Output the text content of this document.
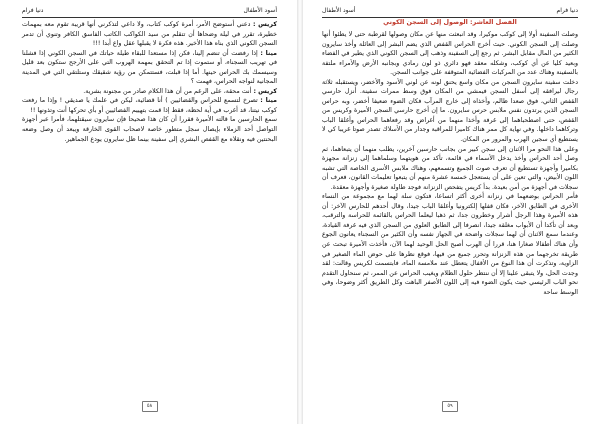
دنيا فرام	أسود الأطفال

كريس : دعني أستوضح الأمر، أمرة كوكب كتاب، ولا داعي لتذكرني أنها قريبة تقوم معه بمهمات خطيرة، تقرر في ليلة وضحاها أن تتقلم من سيد الكواكب الكاتب الفاسق الكافر وتنوي أن تدمر السجن الكوني الذي بناه هذا الأخير. هذه فكرة لا يقبلها عقل واع أبدا !!!

مينا : إذا رفضت أن تنضم إلينا، فكن إذا مستعدا للبقاء طيلة حياتك في السجن الكوني إذا فشلنا في تهريب السجناء، أو ستموت إذا تم التحقق بمهمة الهروب التي على الأرجح ستكون بعد قليل وسيسمك بك الحراس حينها. أما إذا قبلت، فستتمكن من رؤية شقيقك وستلتقي التي في المدينة المجانية لنواجه الحراس، فهمت ؟

كريس : أنت محقة، على الرغم من أن هذا الكلام صادر من مجنونة بشرية.

مينا : تصرخ لتسمع للحراس والقضائيين ) أنا قضائية، ليكن في علمك يا صديقي ! وإذا ما رفعت كوكب نيتنا، قد أغرب في أية لحظة، فقط إذا قمت بتهييم الفضائيين أو بأي تحركها أنت وتذونها !!

سمع الحارسين ما قالته الأميرة فقررا أن كان هذا صحيحا فإن سايرون سيقتلهما، فأمرا عبر أجهزة التواصل أحد الزملاء بإيصال سجل متطور خاصة لاصحاب القوى الخارقة ويبعد أن وصل وضعه البحنتين فيه ونقلاه مع القفص البشري إلى سفينة بينما ظل سايرون يودع الجماهير.

٥٨
أسود الأطفال	دنيا فرام
الفصل العاشر: الوصول إلى السجن الكوني

وصلت السفينة أولا إلى كوكب موكيرا، وقد انبعثت منها عن مكان وصولها لقرطبة حتى لا يطئوا أنها وصلت إلى السجن الكوني. حيث أخرج الحراس القفص الذي يضم البشر إلى العائلة وأخذ سايرون الكثير من المال مقابل البشر. ثم رجع إلى السفينة وذهب إلى السجن الكوني الذي يطير في الفضاء وبعيد كليا عن أي كوكب، وشكله معقد فهو دائري ذو لون رمادي وبجانبه الأرض والأمراء ملتفة بالسفينة وهناك عدد من المركبات الفضائية المتوقفة على جوانب السجن.

دخلت سفينة سايرون السجن من مكان واسع يحنق لونه عن لوني الأسود والأخضر، ويستقبله ثلاثة رجال ليرافقه إلى أسفل السجن فيمشي من المكان فوق وسط ممرات سفينة. أنزل حارسي القفص الثاني، فوق صعدا ظالم، وأخذاه إلى خارج المرآب فكان الضوء ضعيفا أخضر، وبه حراس السجن الذين يرتدون نفس ملابس حرس سايرون. ما إن أخرج حارسي السجن الأميرة وكريس من القفص، حتى اصطحباهما إلى غرفة وأخذا منهما من أغراض وقد رفعاهما الحراس وأغلقا الباب وتركاهما داخلها. وفي نهاية كل ممر هناك كاميرا للمراقبة وجدار من الأسلاك تصدر صوتا غريبا كي لا يستطيع أي سجين الهرب والمرور من المكان.

وعلى هذا النحو مرا الاثنان إلى سجن كبير من بجانب حارسين آخرين، يطلب منهما أن يتبعاهما، ثم وصل أحد الحراس وأخذ يدخل الأسماء في قائمة، تأكد من هويتهما وسلماهما إلى زنزانة مجهزة بكاميرا وأجهزة تستطيع أن تعرف صوت الجميع وتسمعهم، وهناك ملابس الأسرى الخاصة التي تشبه اللون الأبيض، والتي تعين على أن يستعجل خمسة عشرة منهم أن يتبعوا تعليمات القانون، فعرف أن سجلات في أجهزة من أمن بعيدة. بدأ كريس يتفحص الزنزانة فوجد طاولة صغيرة وأجهزة معقدة.

فأمر الحراس بوضعهما في زنزانة أخرى أكثر اتساعا، فتكون سلة لهما مع مجموعة من النساء الأخرى في الطابق الآخر، فكان قفلها إلكترونيا وأغلقا الباب جيدا، وقال أحدهم للحارس الآخر: أن هذه الأميرة وهذا الرجل أشرار وخطرون جدا، ثم ذهبا ليعلما الحراس بالقائمة للحراسة والترقب، وبعد أن تأكدا أن الأبواب مغلقة جيدا، انصرفا إلى الطابق العلوي من السجن الذي فيه غرفة القيادة، وعندما سمع الاثنان أن لهما سجلات واضحة في الجهاز نفسه وأن الكثير من السجناء يعانون الجوع وأن هناك أطفالا صغارا هنا، قررا أن الهرب أصبح الحل الوحيد لهما الآن، فأخذت الأميرة تبحث عن طريقة تخرجهما من هذه الزنزانة وتحرر جميع من فيها، فوقع نظرها على حوض الماء الصغير في الزاوية، وتذكرت أن هذا النوع من الأقفال يتعطل عند ملامسة الماء، فابتسمت لكريس وقالت: لقد وجدت الحل، ولا يتبقى علينا إلا أن ننتظر حلول الظلام ويغيب الحراس عن الممر، ثم سنحاول التقدم نحو الباب الرئيسي حيث يكون الضوء فيه إلى اللون الأصفر الباهت وكل الطريق أكثر وضوحا، وفي الوسط ساحة

٥٩
